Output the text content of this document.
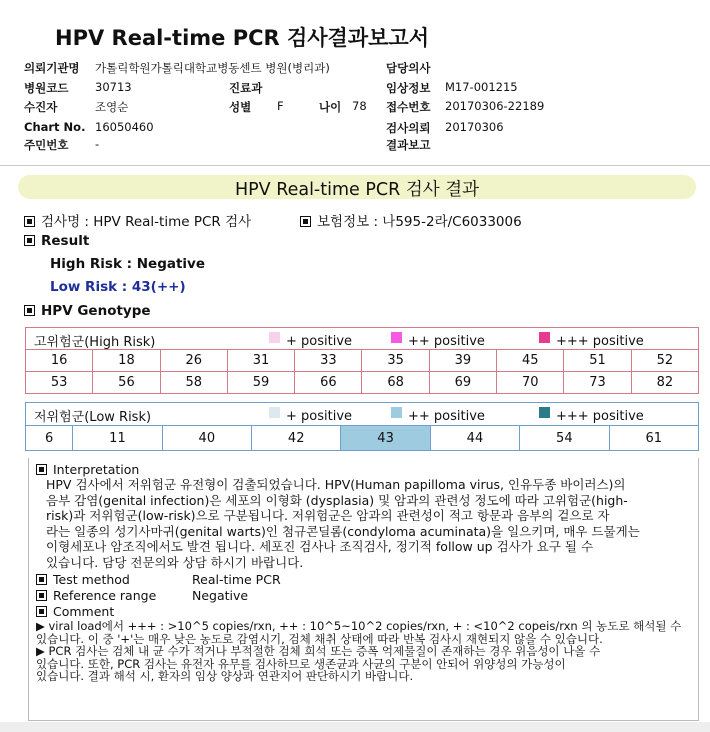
HPV Real-time PCR 검사결과보고서
의뢰기관명 가톨릭학원가톨릭대학교병동센트 병원(병리과)	담당의사
병원코드 30713	진료과	임상정보 M17-001215
수진자	조영순	성별 F	나이 78 접수번호 20170306-22189
Chart No. 16050460	검사의뢰 20170306
주민번호 -	결과보고
HPV Real-time PCR 검사 결과
검사명 : HPV Real-time PCR 검사	보험정보 : 나595-2라/C6033006
Result
High Risk : Negative
Low Risk : 43(++)
HPV Genotype
고위험군(High Risk)	+ positive	++ positive	+++ positive
16	18	26	31	33	35	39	45	51	52
53	56	58	59	66	68	69	70	73	82
저위험군(Low Risk)	+ positive	++ positive	+++ positive
6	11	40	42	43	44	54	61
Interpretation
HPV 검사에서 저위험군 유전형이 검출되었습니다. HPV(Human papilloma virus, 인유두종 바이러스)의
음부 감염(genital infection)은 세포의 이형화 (dysplasia) 및 암과의 관련성 정도에 따라 고위험군(high-
risk)과 저위험군(low-risk)으로 구분됩니다. 저위험군은 암과의 관련성이 적고 항문과 음부의 겉으로 자
라는 일종의 성기사마귀(genital warts)인 첨규콘딜롬(condyloma acuminata)을 일으키며, 매우 드물게는
이형세포나 암조직에서도 발견 됩니다. 세포진 검사나 조직검사, 정기적 follow up 검사가 요구 될 수
있습니다. 담당 전문의와 상담 하시기 바랍니다.
Test method	Real-time PCR
Reference range	Negative
Comment
▶ viral load에서 +++ : >10^5 copies/rxn, ++ : 10^5~10^2 copies/rxn, + : <10^2 copeis/rxn 의 농도로 해석될 수
있습니다. 이 중 '+'는 매우 낮은 농도로 감염시기, 검체 채취 상태에 따라 반복 검사시 재현되지 않을 수 있습니다.
▶ PCR 검사는 검체 내 균 수가 적거나 부적절한 검체 희석 또는 증폭 억제물질이 존재하는 경우 위음성이 나올 수
있습니다. 또한, PCR 검사는 유전자 유무를 검사하므로 생존균과 사균의 구분이 안되어 위양성의 가능성이
있습니다. 결과 해석 시, 환자의 임상 양상과 연관지어 판단하시기 바랍니다.
